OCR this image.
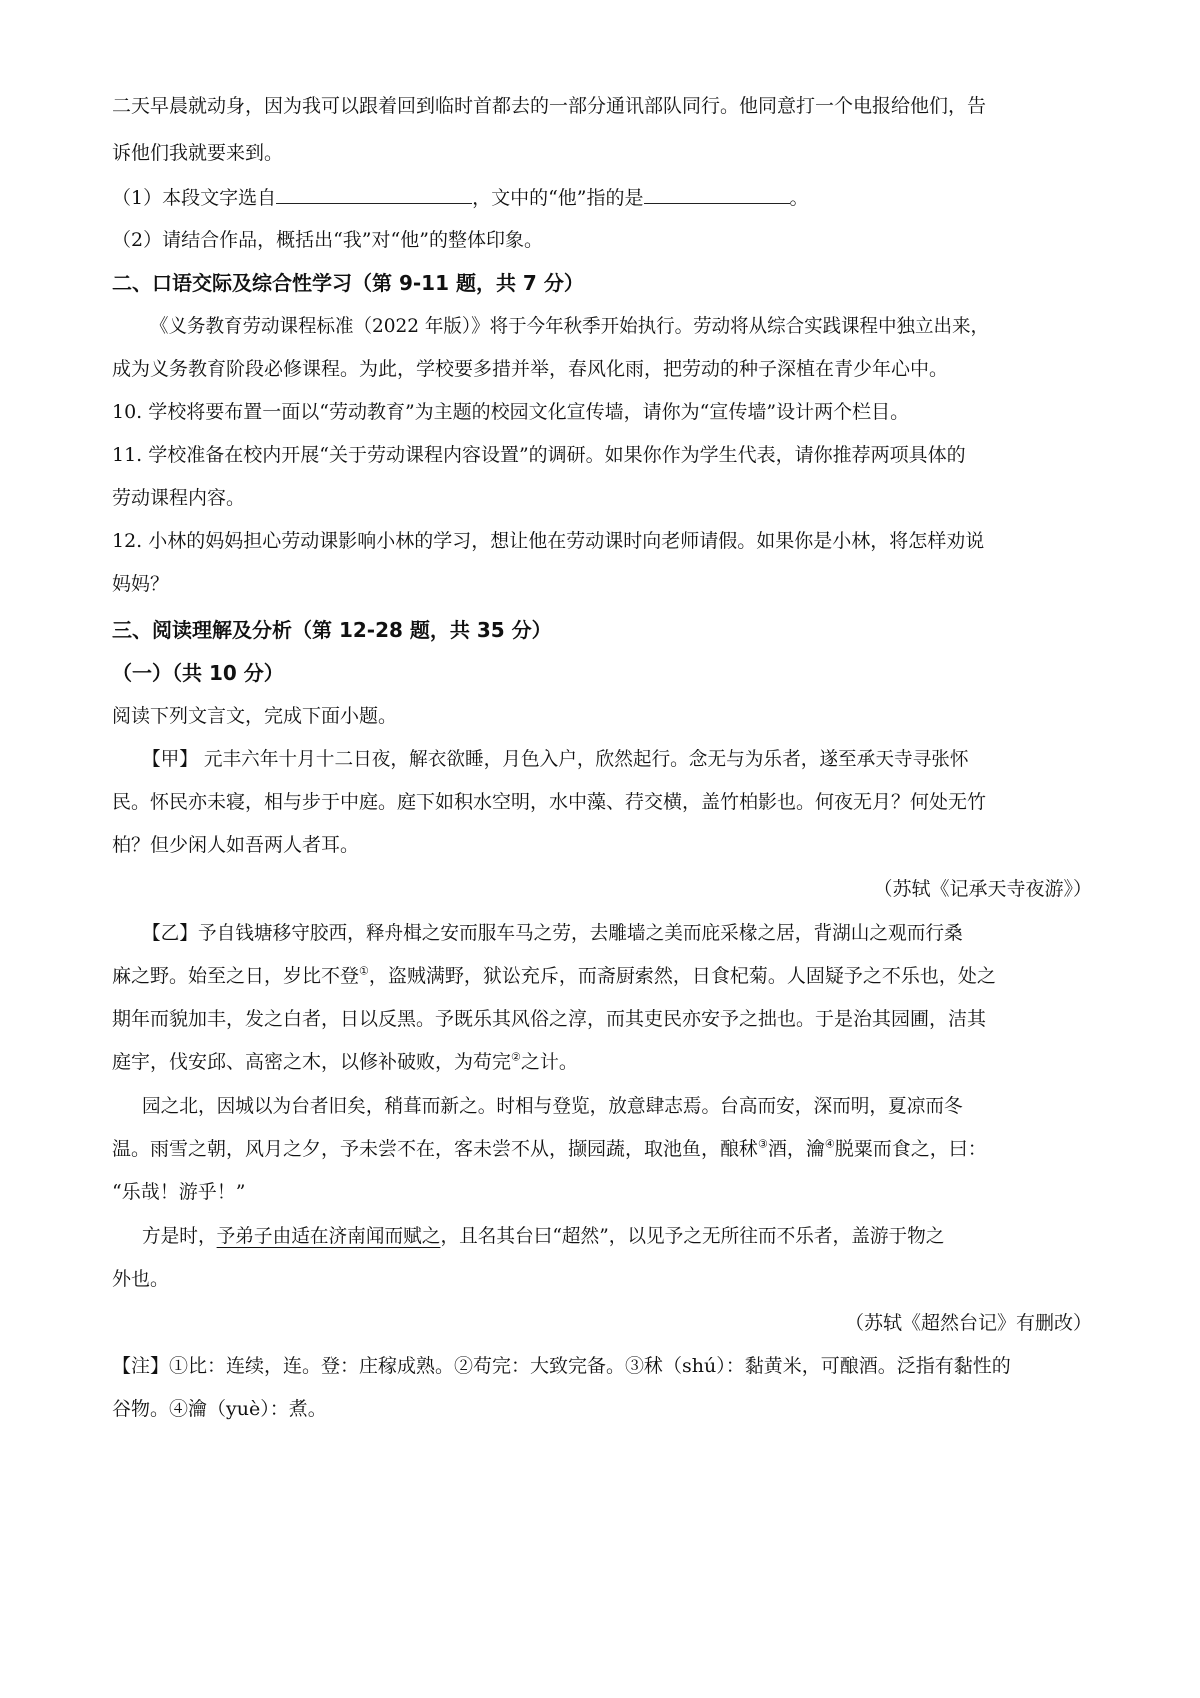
二天早晨就动身，因为我可以跟着回到临时首都去的一部分通讯部队同行。他同意打一个电报给他们，告

诉他们我就要来到。

（1）本段文字选自	，文中的“他”指的是	。

（2）请结合作品，概括出“我”对“他”的整体印象。

二、口语交际及综合性学习（第 9-11 题，共 7 分）

《义务教育劳动课程标准（2022 年版）》将于今年秋季开始执行。劳动将从综合实践课程中独立出来，

成为义务教育阶段必修课程。为此，学校要多措并举，春风化雨，把劳动的种子深植在青少年心中。

10. 学校将要布置一面以“劳动教育”为主题的校园文化宣传墙，请你为“宣传墙”设计两个栏目。

11. 学校准备在校内开展“关于劳动课程内容设置”的调研。如果你作为学生代表，请你推荐两项具体的

劳动课程内容。

12. 小林的妈妈担心劳动课影响小林的学习，想让他在劳动课时向老师请假。如果你是小林，将怎样劝说

妈妈？

三、阅读理解及分析（第 12-28 题，共 35 分）

（一）（共 10 分）

阅读下列文言文，完成下面小题。

【甲】 元丰六年十月十二日夜，解衣欲睡，月色入户，欣然起行。念无与为乐者，遂至承天寺寻张怀

民。怀民亦未寝，相与步于中庭。庭下如积水空明，水中藻、荇交横，盖竹柏影也。何夜无月？何处无竹

柏？但少闲人如吾两人者耳。

（苏轼《记承天寺夜游》）

【乙】予自钱塘移守胶西，释舟楫之安而服车马之劳，去雕墙之美而庇采椽之居，背湖山之观而行桑

麻之野。始至之日，岁比不登①，盗贼满野，狱讼充斥，而斋厨索然，日食杞菊。人固疑予之不乐也，处之

期年而貌加丰，发之白者，日以反黑。予既乐其风俗之淳，而其吏民亦安予之拙也。于是治其园圃，洁其

庭宇，伐安邱、高密之木，以修补破败，为苟完②之计。

园之北，因城以为台者旧矣，稍葺而新之。时相与登览，放意肆志焉。台高而安，深而明，夏凉而冬

温。雨雪之朝，风月之夕，予未尝不在，客未尝不从，撷园蔬，取池鱼，酿秫③酒，瀹④脱粟而食之，曰：

“乐哉！游乎！”

方是时，予弟子由适在济南闻而赋之，且名其台曰“超然”，以见予之无所往而不乐者，盖游于物之

外也。

（苏轼《超然台记》有删改）

【注】①比：连续，连。登：庄稼成熟。②苟完：大致完备。③秫（shú）：黏黄米，可酿酒。泛指有黏性的

谷物。④瀹（yuè）：煮。
